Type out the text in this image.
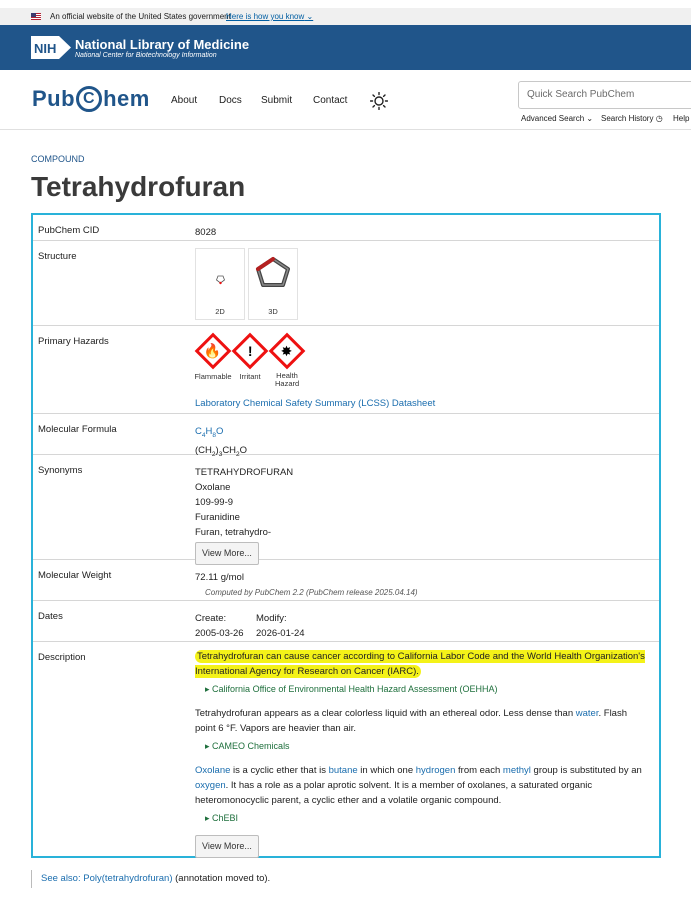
An official website of the United States government
Here is how you know ⌄
NIH National Library of Medicine
National Center for Biotechnology Information
Pub C hem About Docs Submit Contact
Quick Search PubChem
Advanced Search ⌄ Search History ◷ Help
COMPOUND
Tetrahydrofuran
PubChem CID	8028
Structure
2D	3D
Primary Hazards
🔥
Flammable
!
Irritant
✸
Health Hazard
Laboratory Chemical Safety Summary (LCSS) Datasheet
Molecular Formula	$C_4H_8O$
$(CH_2)_3CH_2O$
Synonyms	TETRAHYDROFURAN
Oxolane
109-99-9
Furanidine
Furan, tetrahydro-
View More...
Molecular Weight	72.11 g/mol
Computed by PubChem 2.2 (PubChem release 2025.04.14)
Dates	Create:
2005-03-26
Modify:
2026-01-24
Description	Tetrahydrofuran can cause cancer according to California Labor Code and the World Health Organization's International Agency for Research on Cancer (IARC).
▸ California Office of Environmental Health Hazard Assessment (OEHHA)
Tetrahydrofuran appears as a clear colorless liquid with an ethereal odor. Less dense than water. Flash point 6 °F. Vapors are heavier than air.
▸ CAMEO Chemicals
Oxolane is a cyclic ether that is butane in which one hydrogen from each methyl group is substituted by an oxygen. It has a role as a polar aprotic solvent. It is a member of oxolanes, a saturated organic heteromonocyclic parent, a cyclic ether and a volatile organic compound.
▸ ChEBI
View More...
See also: Poly(tetrahydrofuran) (annotation moved to).
